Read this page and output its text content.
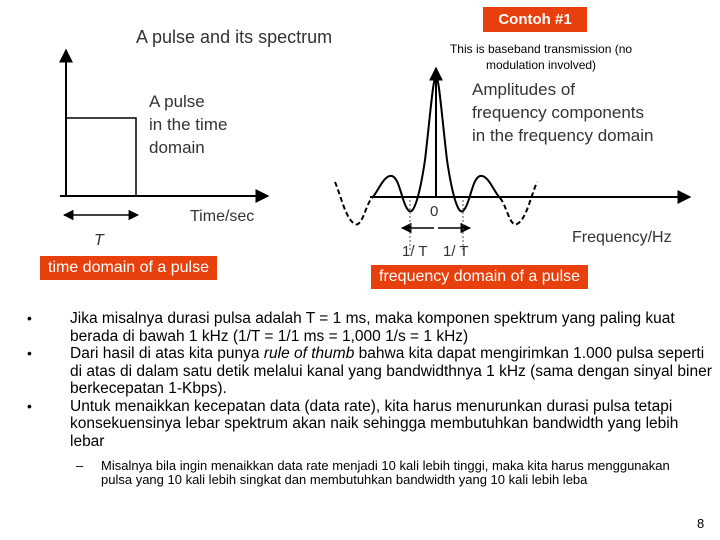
A pulse and its spectrum
A pulse
in the time
domain
Time/sec
T
Amplitudes of
frequency components
in the frequency domain
0
1/ T 1/ T
Frequency/Hz
Contoh #1
This is baseband transmission (no modulation involved)
time domain of a pulse
frequency domain of a pulse
• Jika misalnya durasi pulsa adalah T = 1 ms, maka komponen spektrum yang paling kuat berada di bawah 1 kHz (1/T = 1/1 ms = 1,000 1/s = 1 kHz)
• Dari hasil di atas kita punya rule of thumb bahwa kita dapat mengirimkan 1.000 pulsa seperti di atas di dalam satu detik melalui kanal yang bandwidthnya 1 kHz (sama dengan sinyal biner berkecepatan 1-Kbps).
• Untuk menaikkan kecepatan data (data rate), kita harus menurunkan durasi pulsa tetapi konsekuensinya lebar spektrum akan naik sehingga membutuhkan bandwidth yang lebih lebar
–	Misalnya bila ingin menaikkan data rate menjadi 10 kali lebih tinggi, maka kita harus menggunakan pulsa yang 10 kali lebih singkat dan membutuhkan bandwidth yang 10 kali lebih leba
8
